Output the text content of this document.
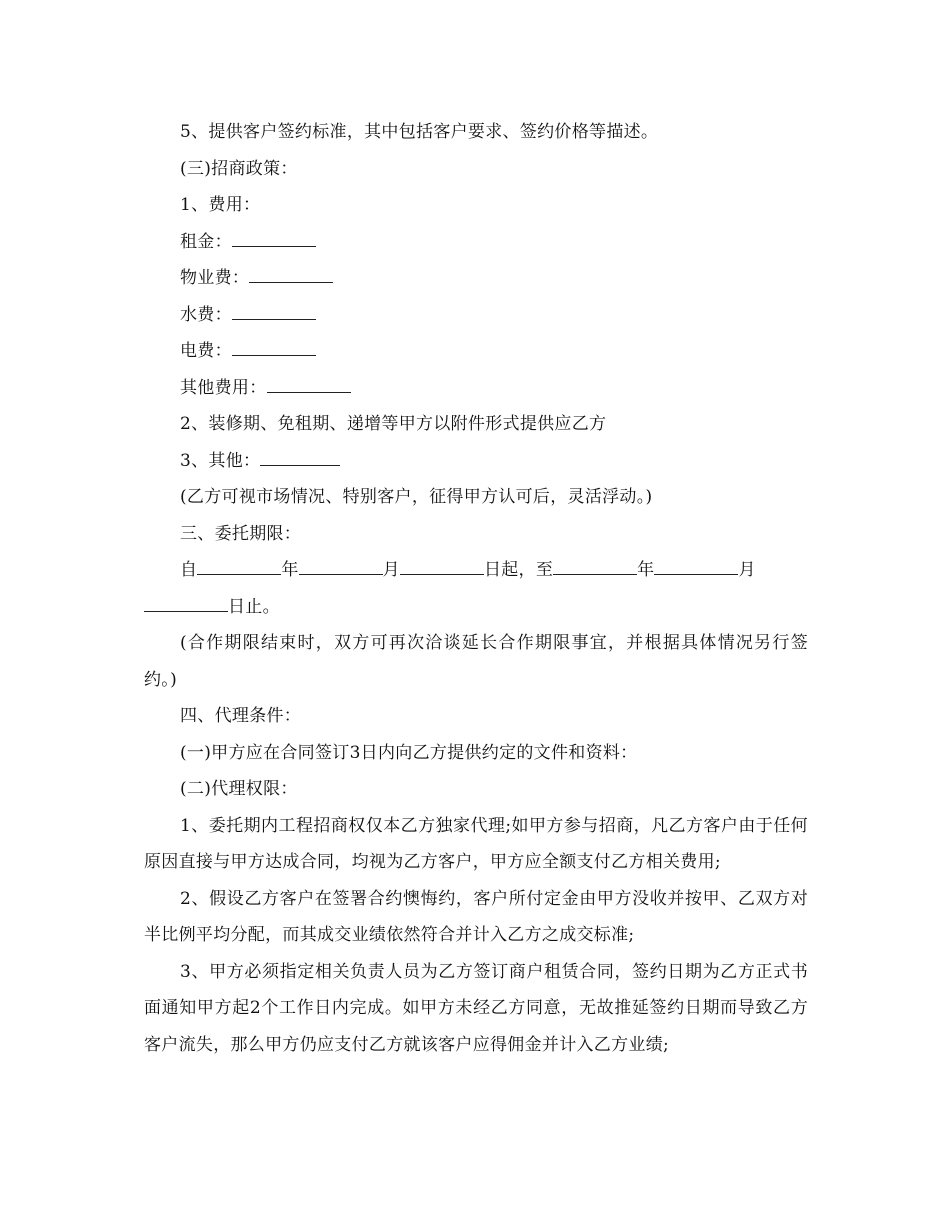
5、提供客户签约标准，其中包括客户要求、签约价格等描述。
(三)招商政策：
1、费用：
租金：
物业费：
水费：
电费：
其他费用：
2、装修期、免租期、递增等甲方以附件形式提供应乙方
3、其他：
(乙方可视市场情况、特别客户，征得甲方认可后，灵活浮动。)
三、委托期限：
自	年	月	日起，至	年	月
日止。
(合作期限结束时，双方可再次洽谈延长合作期限事宜，并根据具体情况另行签约。)
四、代理条件：
(一)甲方应在合同签订3日内向乙方提供约定的文件和资料：
(二)代理权限：
1、委托期内工程招商权仅本乙方独家代理;如甲方参与招商，凡乙方客户由于任何原因直接与甲方达成合同，均视为乙方客户，甲方应全额支付乙方相关费用;
2、假设乙方客户在签署合约懊悔约，客户所付定金由甲方没收并按甲、乙双方对半比例平均分配，而其成交业绩依然符合并计入乙方之成交标准;
3、甲方必须指定相关负责人员为乙方签订商户租赁合同，签约日期为乙方正式书面通知甲方起2个工作日内完成。如甲方未经乙方同意，无故推延签约日期而导致乙方客户流失，那么甲方仍应支付乙方就该客户应得佣金并计入乙方业绩;
